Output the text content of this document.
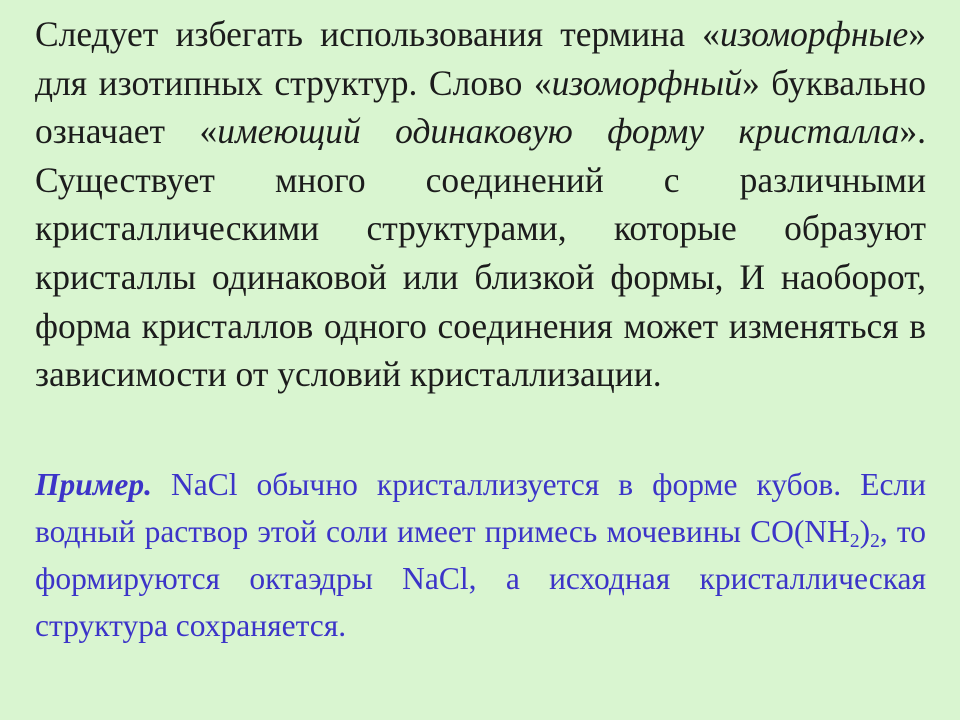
Следует избегать использования термина «изоморфные» для изотипных структур. Слово «изоморфный» буквально означает «имеющий одинаковую форму кристалла». Существует много соединений с различными кристаллическими структурами, которые образуют кристаллы одинаковой или близкой формы, И наоборот, форма кристаллов одного соединения может изменяться в зависимости от условий кристаллизации.

Пример. NaCl обычно кристаллизуется в форме кубов. Если водный раствор этой соли имеет примесь мочевины $CO(NH_2)_2$, то формируются октаэдры NaCl, а исходная кристаллическая структура сохраняется.
